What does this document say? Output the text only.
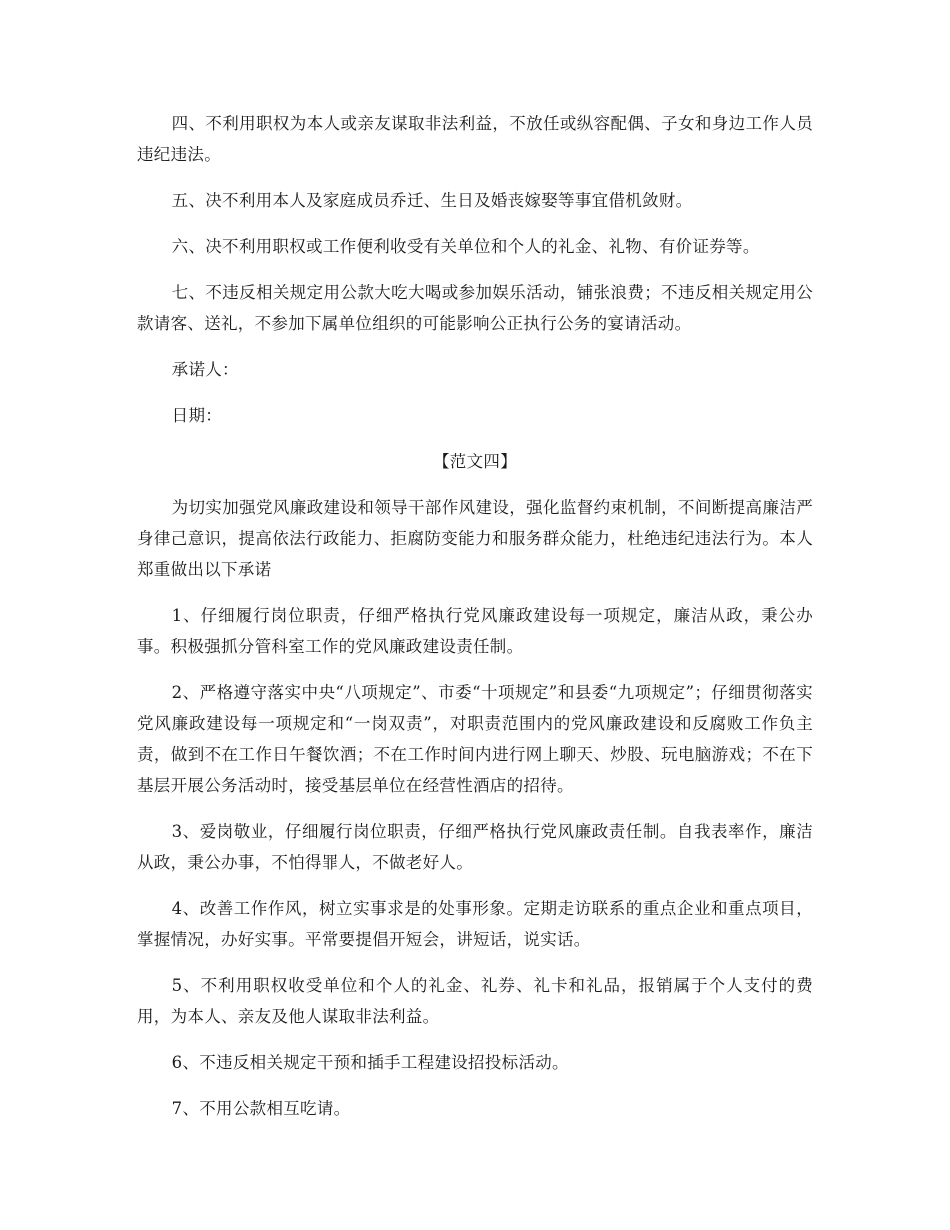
四、不利用职权为本人或亲友谋取非法利益，不放任或纵容配偶、子女和身边工作人员违纪违法。

五、决不利用本人及家庭成员乔迁、生日及婚丧嫁娶等事宜借机敛财。

六、决不利用职权或工作便利收受有关单位和个人的礼金、礼物、有价证券等。

七、不违反相关规定用公款大吃大喝或参加娱乐活动，铺张浪费；不违反相关规定用公款请客、送礼，不参加下属单位组织的可能影响公正执行公务的宴请活动。

承诺人：

日期：

【范文四】

为切实加强党风廉政建设和领导干部作风建设，强化监督约束机制，不间断提高廉洁严身律己意识，提高依法行政能力、拒腐防变能力和服务群众能力，杜绝违纪违法行为。本人郑重做出以下承诺

1、仔细履行岗位职责，仔细严格执行党风廉政建设每一项规定，廉洁从政，秉公办事。积极强抓分管科室工作的党风廉政建设责任制。

2、严格遵守落实中央“八项规定”、市委“十项规定”和县委“九项规定”；仔细贯彻落实党风廉政建设每一项规定和“一岗双责”，对职责范围内的党风廉政建设和反腐败工作负主责，做到不在工作日午餐饮酒；不在工作时间内进行网上聊天、炒股、玩电脑游戏；不在下基层开展公务活动时，接受基层单位在经营性酒店的招待。

3、爱岗敬业，仔细履行岗位职责，仔细严格执行党风廉政责任制。自我表率作，廉洁从政，秉公办事，不怕得罪人，不做老好人。

4、改善工作作风，树立实事求是的处事形象。定期走访联系的重点企业和重点项目，掌握情况，办好实事。平常要提倡开短会，讲短话，说实话。

5、不利用职权收受单位和个人的礼金、礼券、礼卡和礼品，报销属于个人支付的费用，为本人、亲友及他人谋取非法利益。

6、不违反相关规定干预和插手工程建设招投标活动。

7、不用公款相互吃请。
